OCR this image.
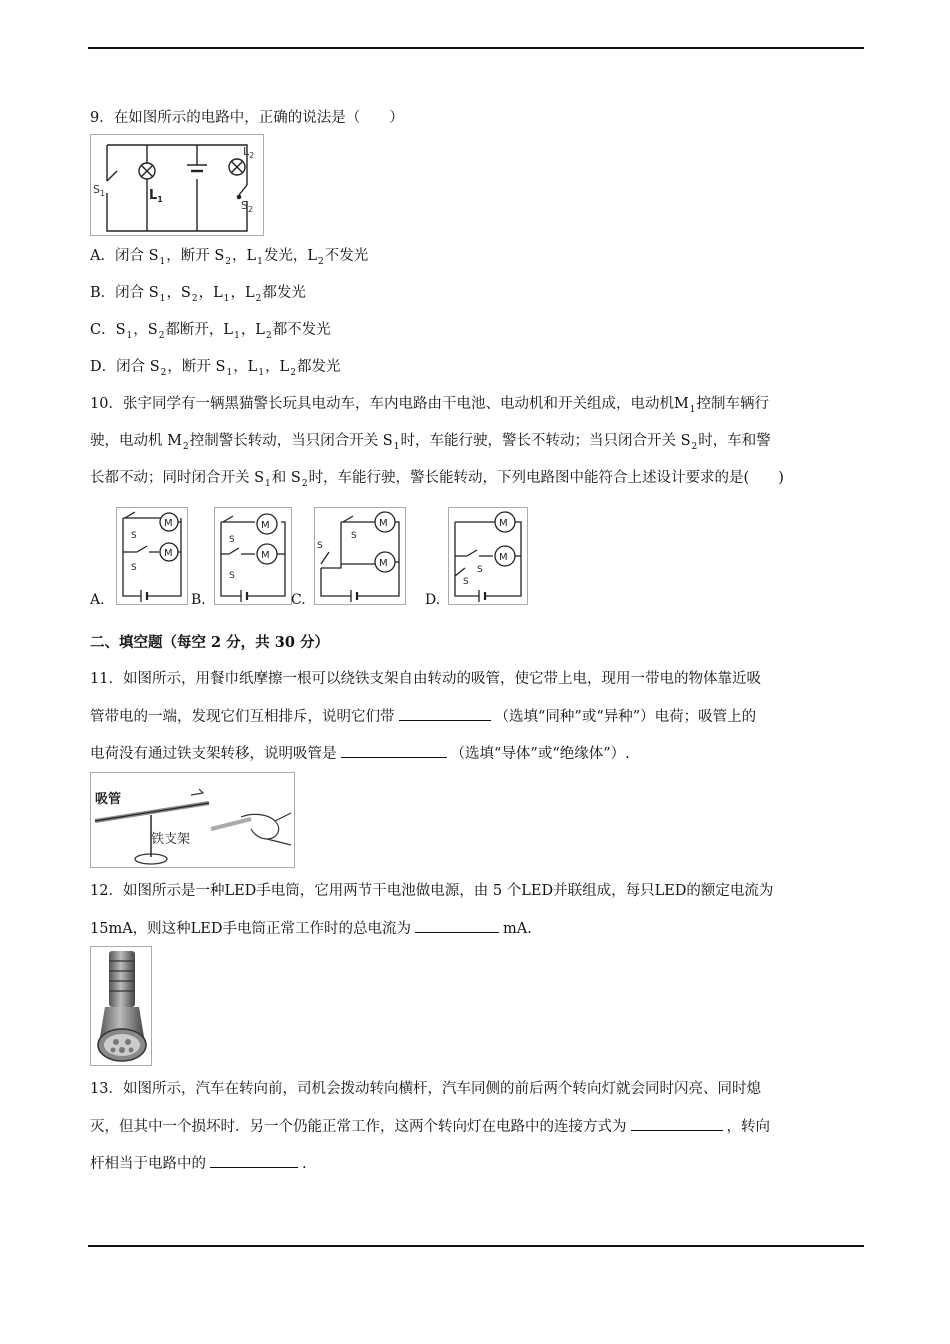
9．在如图所示的电路中，正确的说法是（　　）
$S_1$	$L_1$
$L_2$
$S_2$
A．闭合 $S_1$，断开 $S_2$，$L_1$发光，$L_2$不发光
B．闭合 $S_1$，$S_2$，$L_1$，$L_2$都发光
C．$S_1$，$S_2$都断开，$L_1$，$L_2$都不发光
D．闭合 $S_2$，断开 $S_1$，$L_1$，$L_2$都发光
10．张宇同学有一辆黑猫警长玩具电动车，车内电路由干电池、电动机和开关组成，电动机$M_1$控制车辆行
驶，电动机 $M_2$控制警长转动，当只闭合开关 $S_1$时，车能行驶，警长不转动；当只闭合开关 $S_2$时，车和警
长都不动；同时闭合开关 $S_1$和 $S_2$时，车能行驶，警长能转动，下列电路图中能符合上述设计要求的是(　　)
M
M
S
S
A.
M
M
S
S
B.
M
M
S
S
C.
M
M
S
S
D.
二、填空题（每空 2 分，共 30 分）
11．如图所示，用餐巾纸摩擦一根可以绕铁支架自由转动的吸管，使它带上电，现用一带电的物体靠近吸
管带电的一端，发现它们互相排斥，说明它们带	（选填“同种”或“异种”）电荷；吸管上的
电荷没有通过铁支架转移，说明吸管是	（选填“导体”或“绝缘体”）.
吸管
铁支架
12．如图所示是一种LED手电筒，它用两节干电池做电源，由 5 个LED并联组成，每只LED的额定电流为
15mA，则这种LED手电筒正常工作时的总电流为	mA.
13．如图所示，汽车在转向前，司机会拨动转向横杆，汽车同侧的前后两个转向灯就会同时闪亮、同时熄
灭，但其中一个损坏时．另一个仍能正常工作，这两个转向灯在电路中的连接方式为	，转向
杆相当于电路中的	.
